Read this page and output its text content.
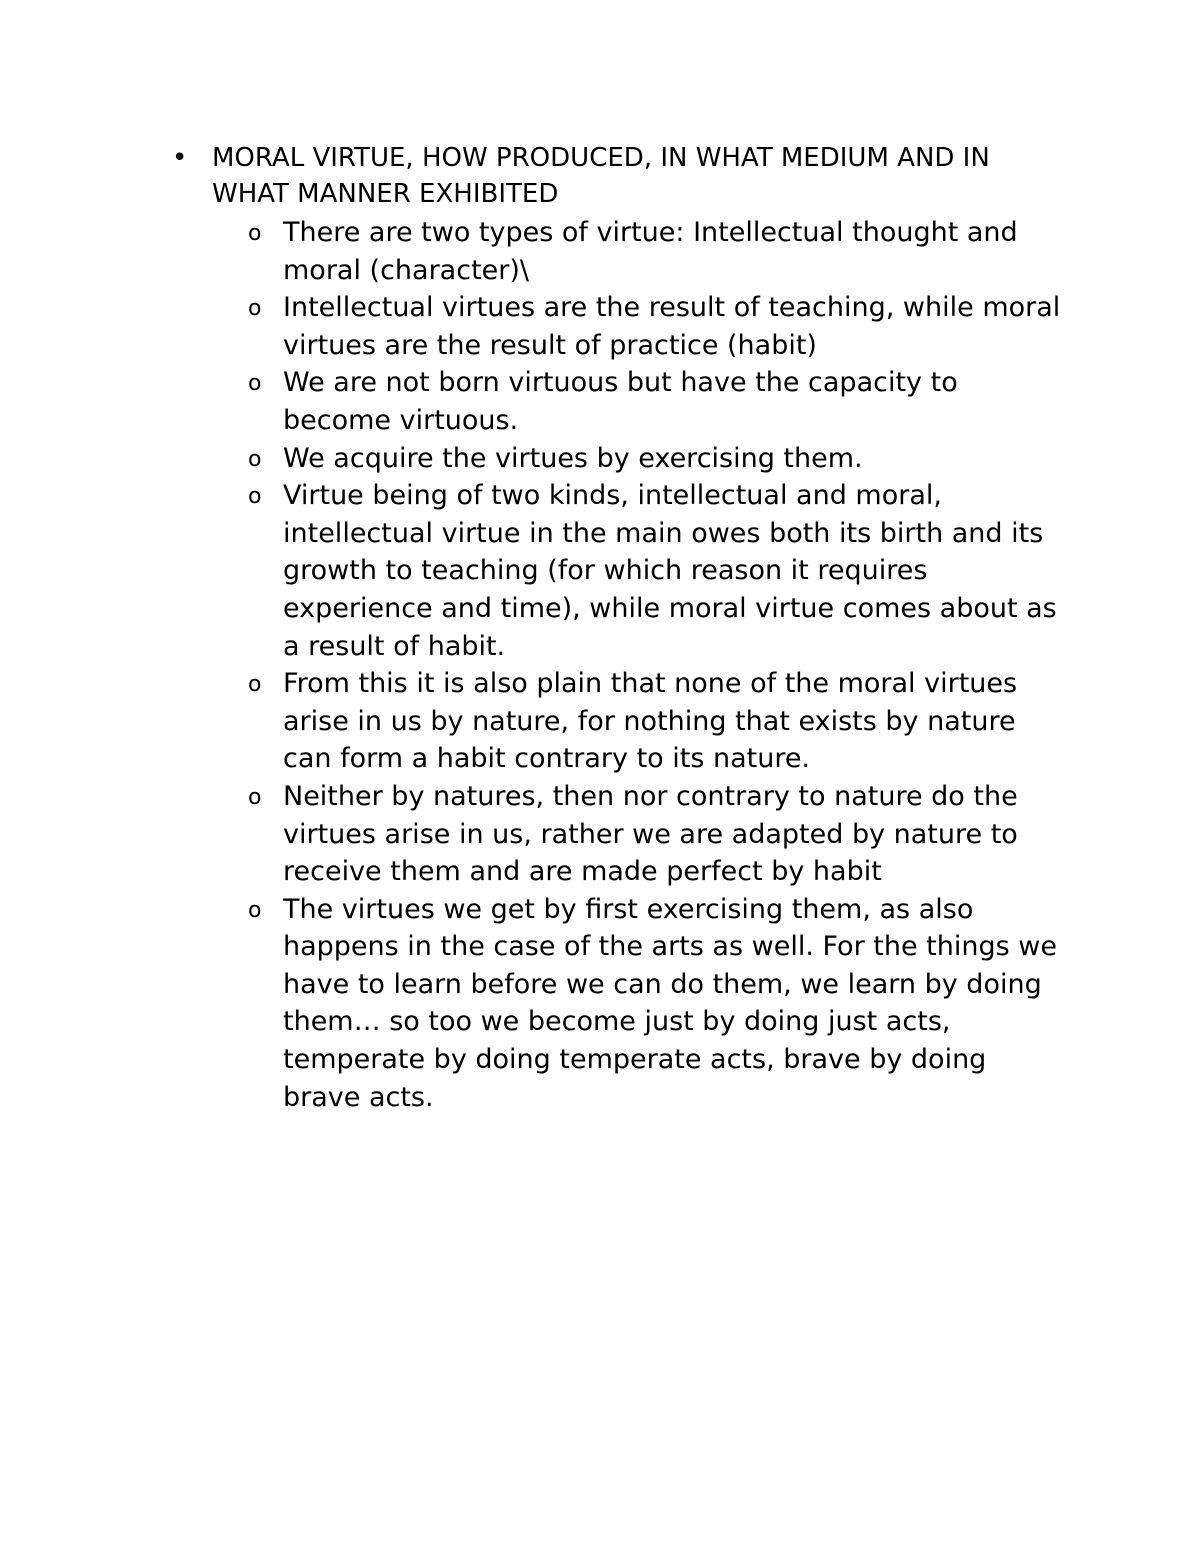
• MORAL VIRTUE, HOW PRODUCED, IN WHAT MEDIUM AND IN WHAT MANNER EXHIBITED
o There are two types of virtue: Intellectual thought and moral (character)\
o Intellectual virtues are the result of teaching, while moral virtues are the result of practice (habit)
o We are not born virtuous but have the capacity to become virtuous.
o We acquire the virtues by exercising them.
o Virtue being of two kinds, intellectual and moral, intellectual virtue in the main owes both its birth and its growth to teaching (for which reason it requires experience and time), while moral virtue comes about as a result of habit.
o From this it is also plain that none of the moral virtues arise in us by nature, for nothing that exists by nature can form a habit contrary to its nature.
o Neither by natures, then nor contrary to nature do the virtues arise in us, rather we are adapted by nature to receive them and are made perfect by habit
o The virtues we get by first exercising them, as also happens in the case of the arts as well. For the things we have to learn before we can do them, we learn by doing them… so too we become just by doing just acts, temperate by doing temperate acts, brave by doing brave acts.
